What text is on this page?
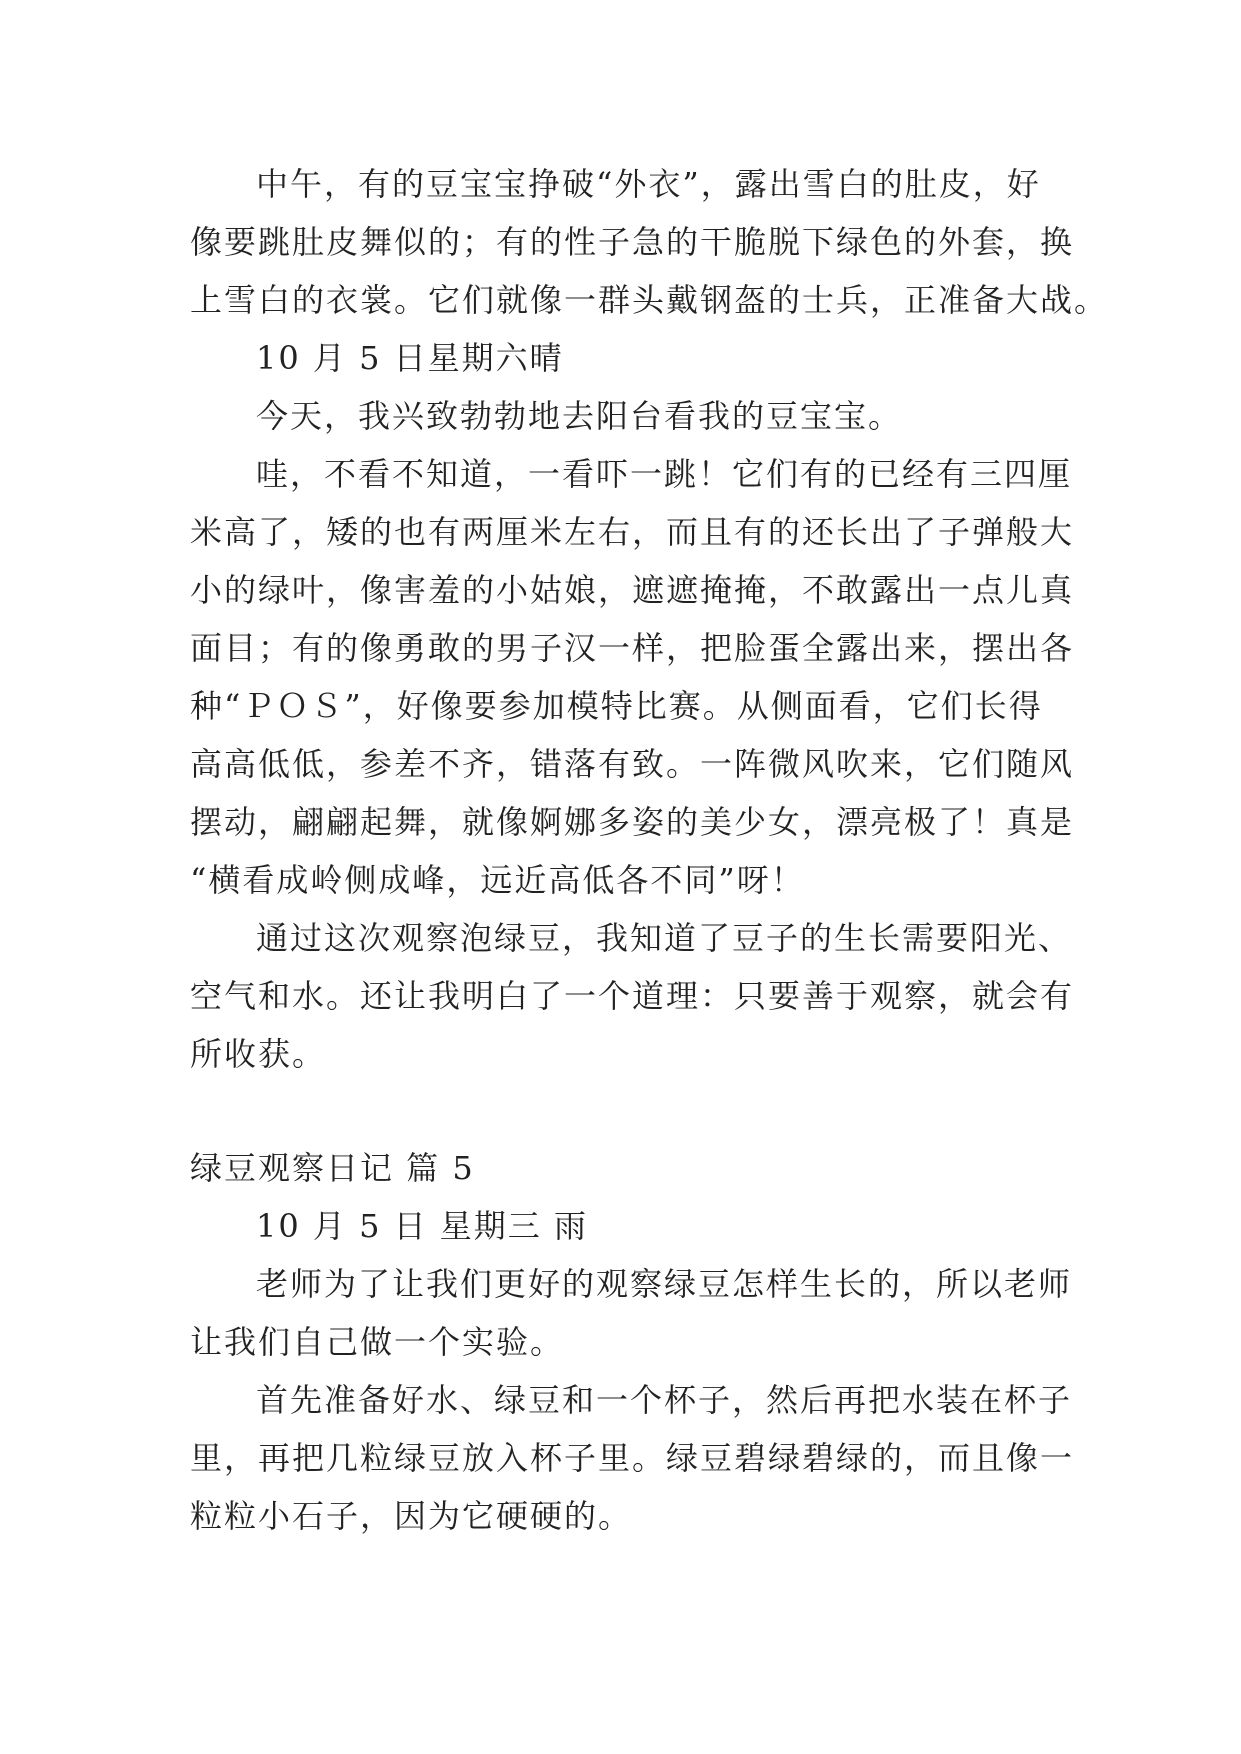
中午，有的豆宝宝挣破“外衣”，露出雪白的肚皮，好
像要跳肚皮舞似的；有的性子急的干脆脱下绿色的外套，换
上雪白的衣裳。它们就像一群头戴钢盔的士兵，正准备大战。
10 月 5 日星期六晴
今天，我兴致勃勃地去阳台看我的豆宝宝。
哇，不看不知道，一看吓一跳！它们有的已经有三四厘
米高了，矮的也有两厘米左右，而且有的还长出了子弹般大
小的绿叶，像害羞的小姑娘，遮遮掩掩，不敢露出一点儿真
面目；有的像勇敢的男子汉一样，把脸蛋全露出来，摆出各
种“ＰＯＳ”，好像要参加模特比赛。从侧面看，它们长得
高高低低，参差不齐，错落有致。一阵微风吹来，它们随风
摆动，翩翩起舞，就像婀娜多姿的美少女，漂亮极了！真是
“横看成岭侧成峰，远近高低各不同”呀！
通过这次观察泡绿豆，我知道了豆子的生长需要阳光、
空气和水。还让我明白了一个道理：只要善于观察，就会有
所收获。
绿豆观察日记 篇 5
10 月 5 日 星期三 雨
老师为了让我们更好的观察绿豆怎样生长的，所以老师
让我们自己做一个实验。
首先准备好水、绿豆和一个杯子，然后再把水装在杯子
里，再把几粒绿豆放入杯子里。绿豆碧绿碧绿的，而且像一
粒粒小石子，因为它硬硬的。
